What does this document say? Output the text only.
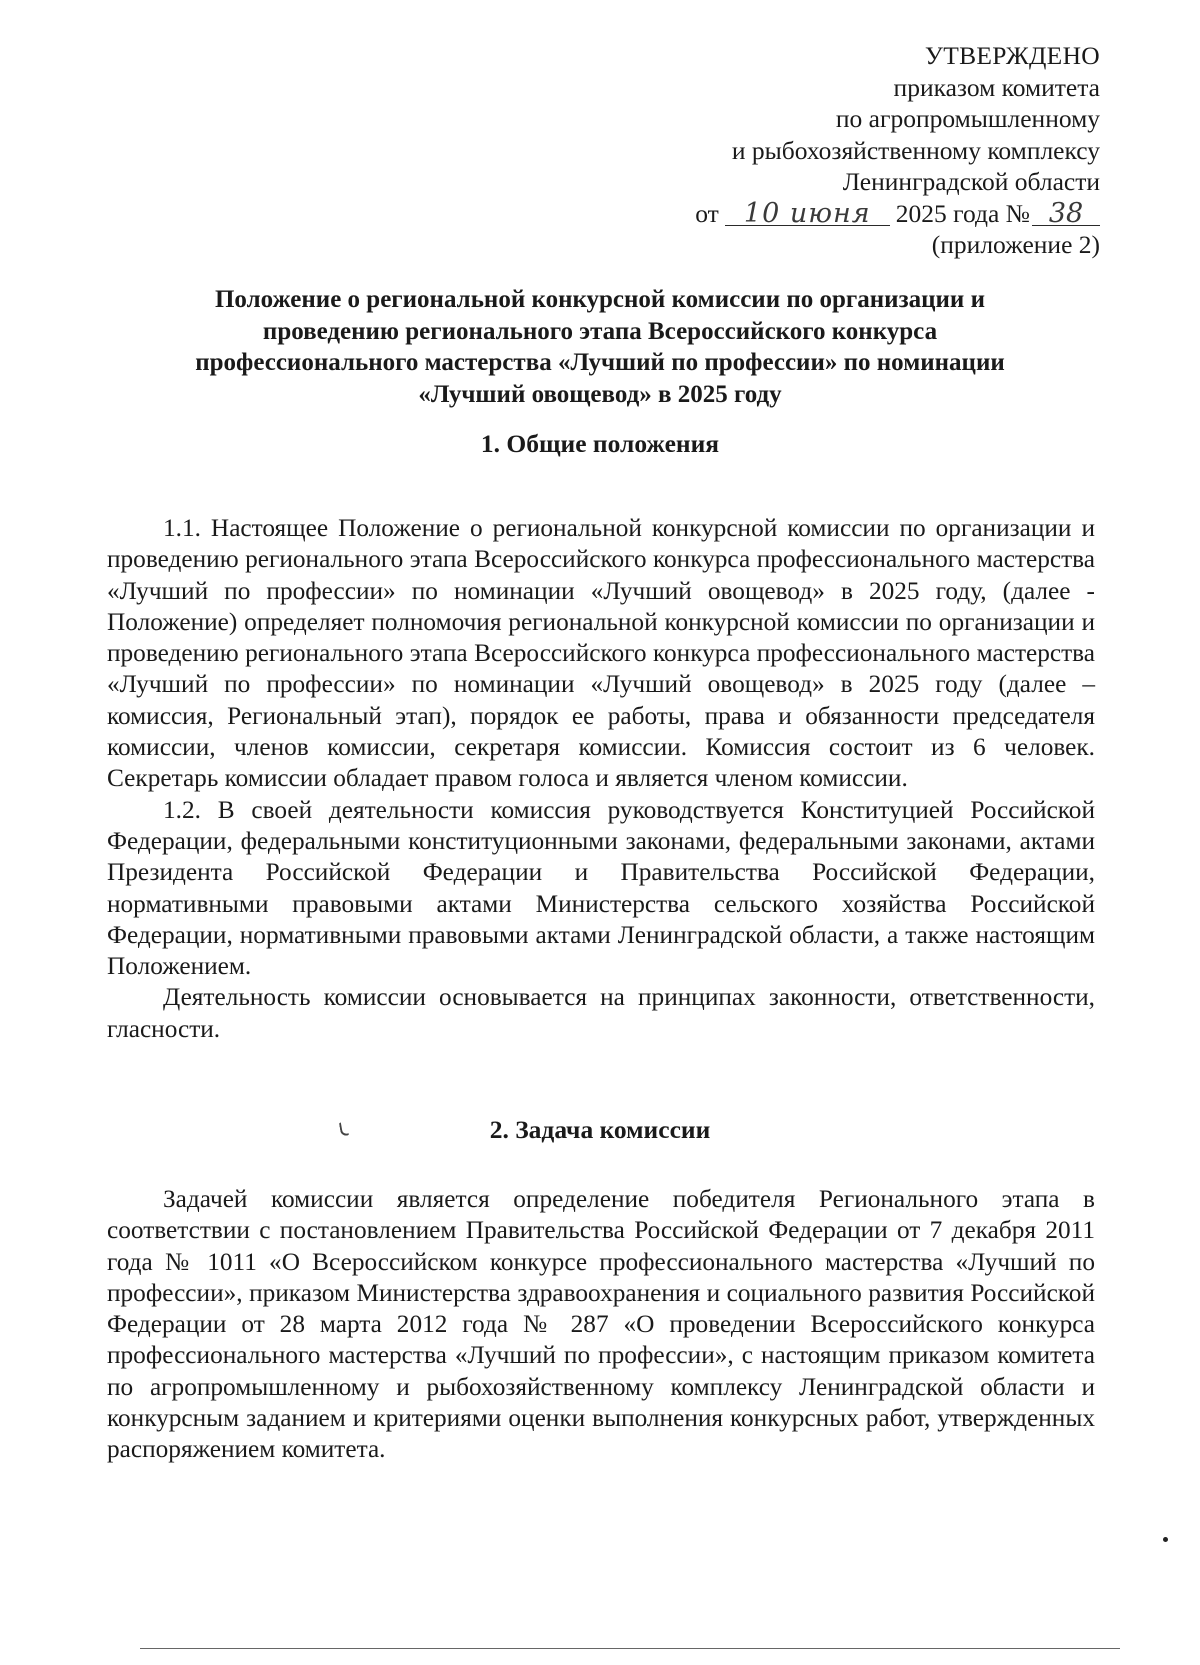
УТВЕРЖДЕНО
приказом комитета
по агропромышленному
и рыбохозяйственному комплексу
Ленинградской области
от 10 июня 2025 года № 38
(приложение 2)
Положение о региональной конкурсной комиссии по организации и
проведению регионального этапа Всероссийского конкурса
профессионального мастерства «Лучший по профессии» по номинации
«Лучший овощевод» в 2025 году
1. Общие положения

1.1. Настоящее Положение о региональной конкурсной комиссии по организации и проведению регионального этапа Всероссийского конкурса профессионального мастерства «Лучший по профессии» по номинации «Лучший овощевод» в 2025 году, (далее - Положение) определяет полномочия региональной конкурсной комиссии по организации и проведению регионального этапа Всероссийского конкурса профессионального мастерства «Лучший по профессии» по номинации «Лучший овощевод» в 2025 году (далее – комиссия, Региональный этап), порядок ее работы, права и обязанности председателя комиссии, членов комиссии, секретаря комиссии. Комиссия состоит из 6 человек. Секретарь комиссии обладает правом голоса и является членом комиссии.

1.2. В своей деятельности комиссия руководствуется Конституцией Российской Федерации, федеральными конституционными законами, федеральными законами, актами Президента Российской Федерации и Правительства Российской Федерации, нормативными правовыми актами Министерства сельского хозяйства Российской Федерации, нормативными правовыми актами Ленинградской области, а также настоящим Положением.

Деятельность комиссии основывается на принципах законности, ответственности, гласности.

2. Задача комиссии

Задачей комиссии является определение победителя Регионального этапа в соответствии с постановлением Правительства Российской Федерации от 7 декабря 2011 года № 1011 «О Всероссийском конкурсе профессионального мастерства «Лучший по профессии», приказом Министерства здравоохранения и социального развития Российской Федерации от 28 марта 2012 года № 287 «О проведении Всероссийского конкурса профессионального мастерства «Лучший по профессии», с настоящим приказом комитета по агропромышленному и рыбохозяйственному комплексу Ленинградской области и конкурсным заданием и критериями оценки выполнения конкурсных работ, утвержденных распоряжением комитета.
